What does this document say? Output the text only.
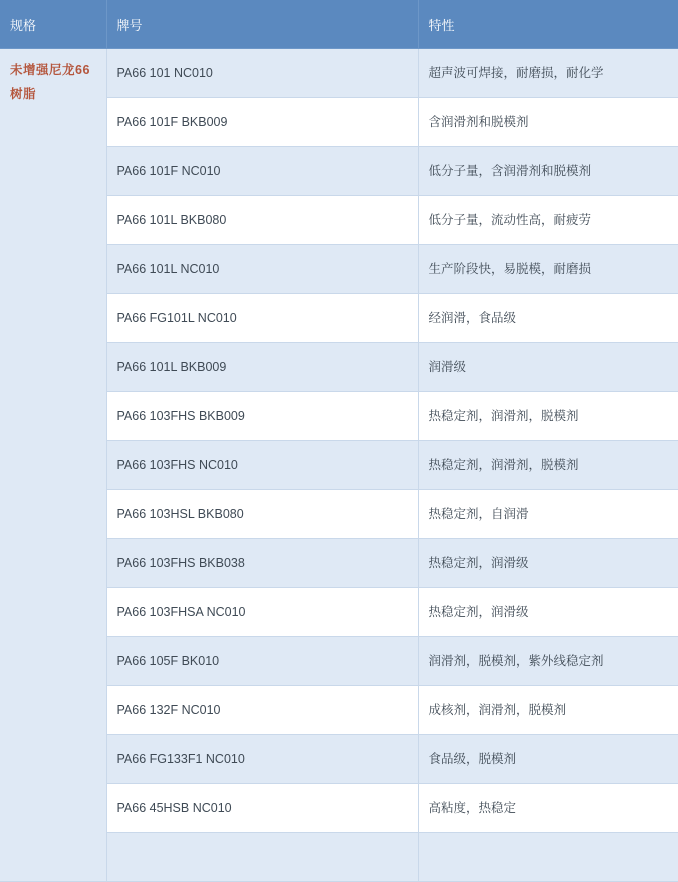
规格	牌号	特性
未增强尼龙66树脂	PA66 101 NC010	超声波可焊接，耐磨损，耐化学
	PA66 101F BKB009	含润滑剂和脱模剂
	PA66 101F NC010	低分子量，含润滑剂和脱模剂
	PA66 101L BKB080	低分子量，流动性高，耐疲劳
	PA66 101L NC010	生产阶段快，易脱模，耐磨损
	PA66 FG101L NC010	经润滑，食品级
	PA66 101L BKB009	润滑级
	PA66 103FHS BKB009	热稳定剂，润滑剂，脱模剂
	PA66 103FHS NC010	热稳定剂，润滑剂，脱模剂
	PA66 103HSL BKB080	热稳定剂，自润滑
	PA66 103FHS BKB038	热稳定剂，润滑级
	PA66 103FHSA NC010	热稳定剂，润滑级
	PA66 105F BK010	润滑剂，脱模剂，紫外线稳定剂
	PA66 132F NC010	成核剂，润滑剂，脱模剂
	PA66 FG133F1 NC010	食品级，脱模剂
	PA66 45HSB NC010	高粘度，热稳定
